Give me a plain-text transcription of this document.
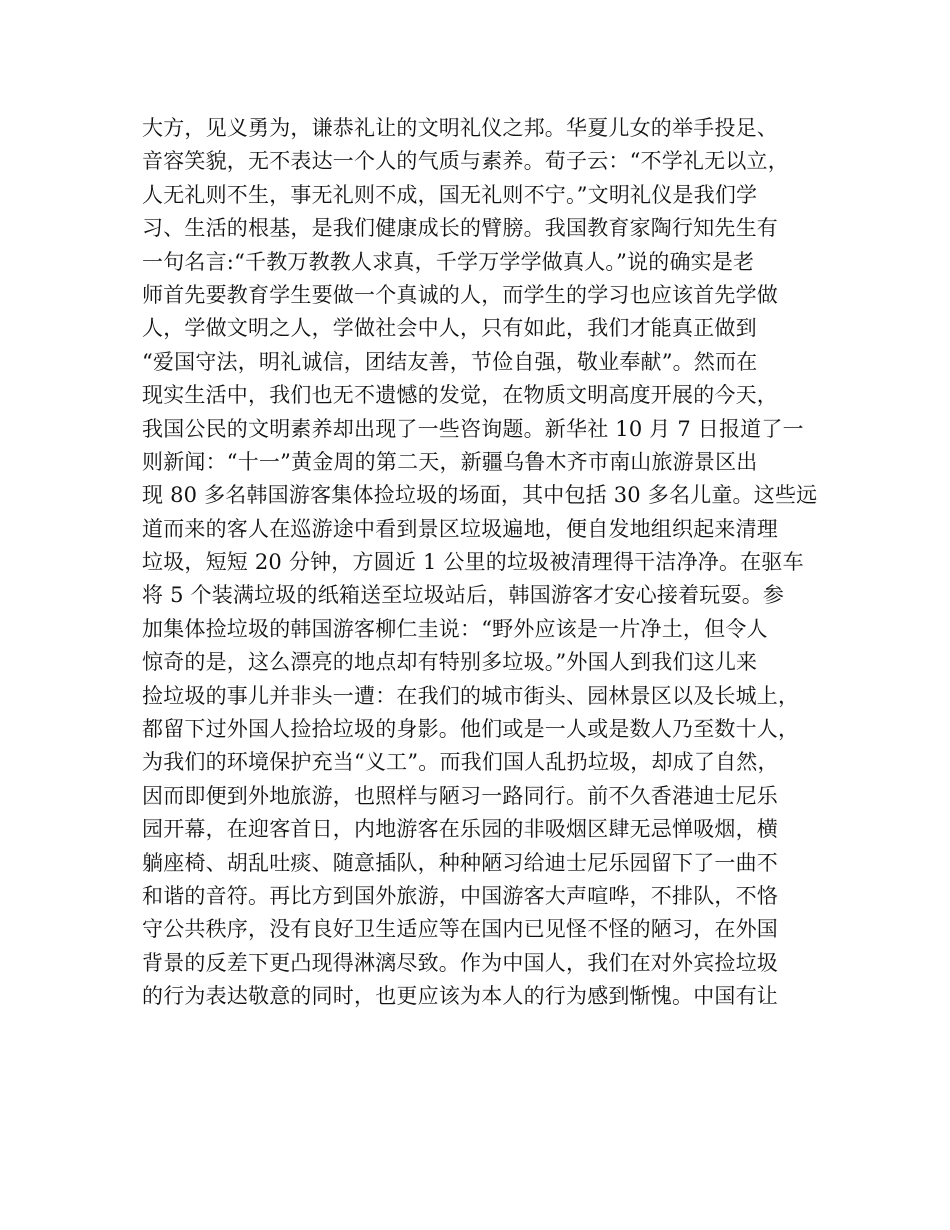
大方，见义勇为，谦恭礼让的文明礼仪之邦。华夏儿女的举手投足、
音容笑貌，无不表达一个人的气质与素养。荀子云：“不学礼无以立，
人无礼则不生，事无礼则不成，国无礼则不宁。”文明礼仪是我们学
习、生活的根基，是我们健康成长的臂膀。我国教育家陶行知先生有
一句名言:“千教万教教人求真，千学万学学做真人。”说的确实是老
师首先要教育学生要做一个真诚的人，而学生的学习也应该首先学做
人，学做文明之人，学做社会中人，只有如此，我们才能真正做到
“爱国守法，明礼诚信，团结友善，节俭自强，敬业奉献”。然而在
现实生活中，我们也无不遗憾的发觉，在物质文明高度开展的今天，
我国公民的文明素养却出现了一些咨询题。新华社 10 月 7 日报道了一
则新闻：“十一”黄金周的第二天，新疆乌鲁木齐市南山旅游景区出
现 80 多名韩国游客集体捡垃圾的场面，其中包括 30 多名儿童。这些远
道而来的客人在巡游途中看到景区垃圾遍地，便自发地组织起来清理
垃圾，短短 20 分钟，方圆近 1 公里的垃圾被清理得干洁净净。在驱车
将 5 个装满垃圾的纸箱送至垃圾站后，韩国游客才安心接着玩耍。参
加集体捡垃圾的韩国游客柳仁圭说：“野外应该是一片净土，但令人
惊奇的是，这么漂亮的地点却有特别多垃圾。”外国人到我们这儿来
捡垃圾的事儿并非头一遭：在我们的城市街头、园林景区以及长城上，
都留下过外国人捡拾垃圾的身影。他们或是一人或是数人乃至数十人，
为我们的环境保护充当“义工”。而我们国人乱扔垃圾，却成了自然，
因而即便到外地旅游，也照样与陋习一路同行。前不久香港迪士尼乐
园开幕，在迎客首日，内地游客在乐园的非吸烟区肆无忌惮吸烟，横
躺座椅、胡乱吐痰、随意插队，种种陋习给迪士尼乐园留下了一曲不
和谐的音符。再比方到国外旅游，中国游客大声喧哗，不排队，不恪
守公共秩序，没有良好卫生适应等在国内已见怪不怪的陋习，在外国
背景的反差下更凸现得淋漓尽致。作为中国人，我们在对外宾捡垃圾
的行为表达敬意的同时，也更应该为本人的行为感到惭愧。中国有让
